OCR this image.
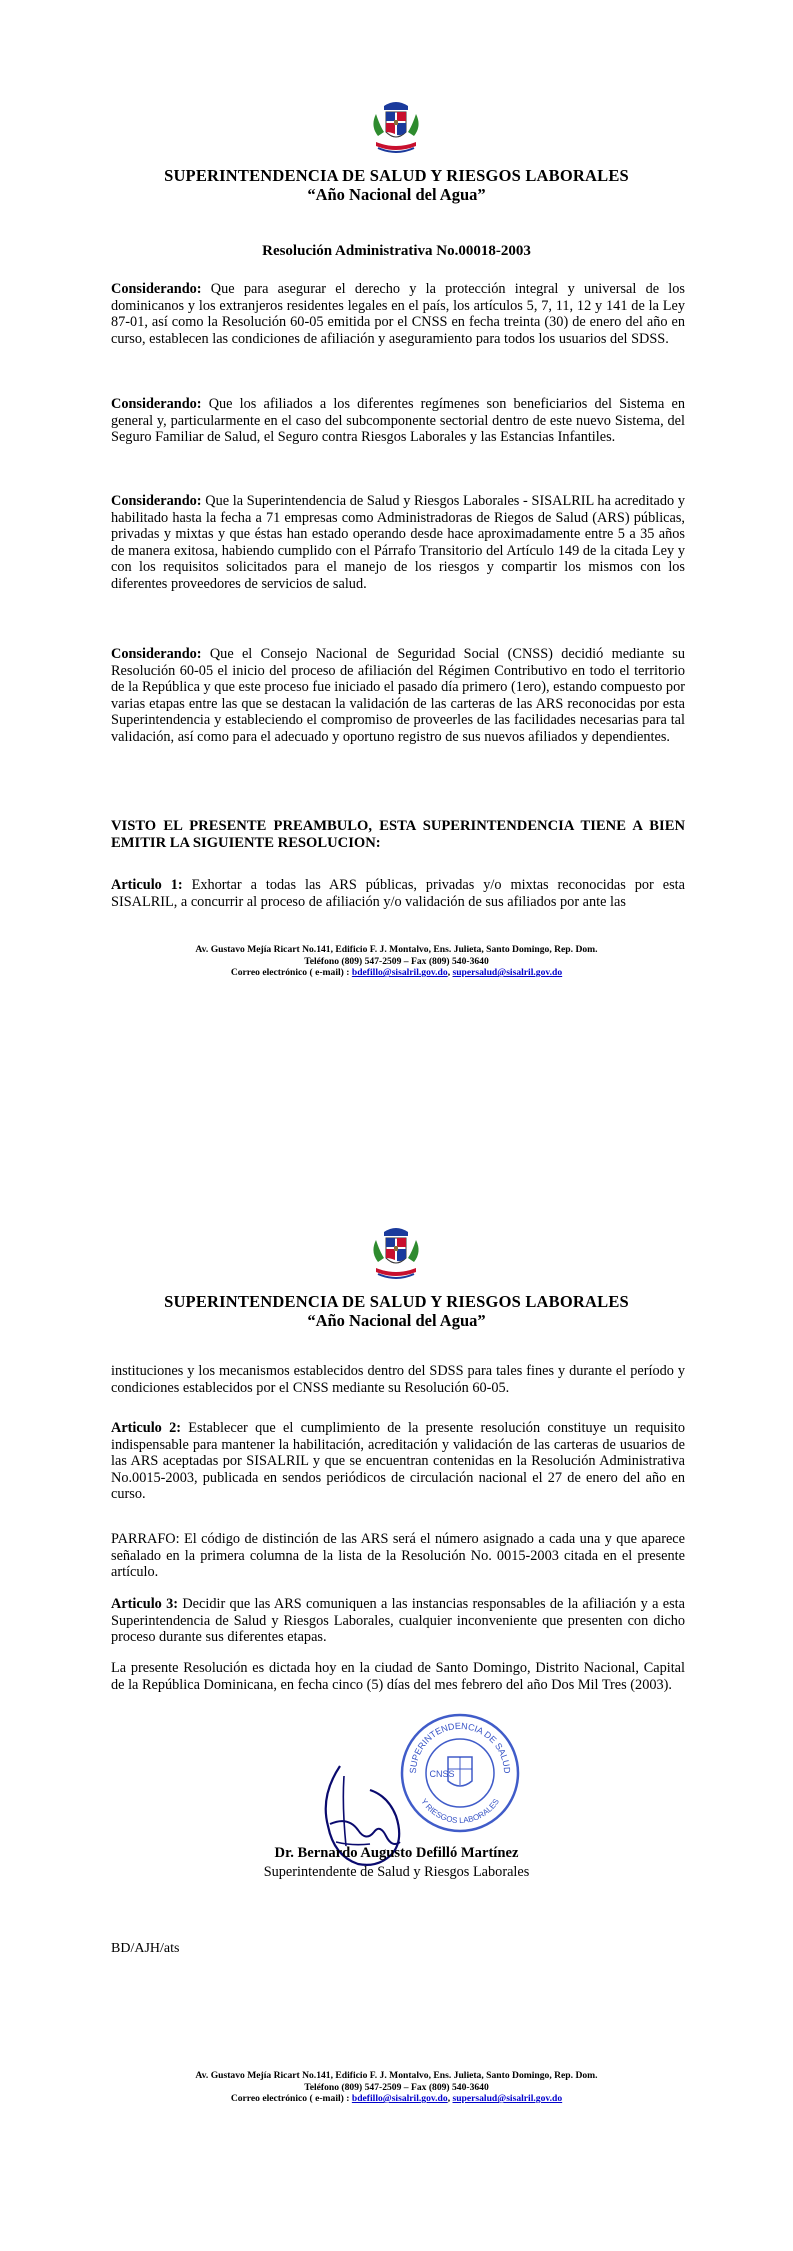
SUPERINTENDENCIA DE SALUD Y RIESGOS LABORALES
“Año Nacional del Agua”
Resolución Administrativa No.00018-2003
Considerando: Que para asegurar el derecho y la protección integral y universal de los dominicanos y los extranjeros residentes legales en el país, los artículos 5, 7, 11, 12 y 141 de la Ley 87-01, así como la Resolución 60-05 emitida por el CNSS en fecha treinta (30) de enero del año en curso, establecen las condiciones de afiliación y aseguramiento para todos los usuarios del SDSS.
Considerando: Que los afiliados a los diferentes regímenes son beneficiarios del Sistema en general y, particularmente en el caso del subcomponente sectorial dentro de este nuevo Sistema, del Seguro Familiar de Salud, el Seguro contra Riesgos Laborales y las Estancias Infantiles.
Considerando: Que la Superintendencia de Salud y Riesgos Laborales - SISALRIL ha acreditado y habilitado hasta la fecha a 71 empresas como Administradoras de Riegos de Salud (ARS) públicas, privadas y mixtas y que éstas han estado operando desde hace aproximadamente entre 5 a 35 años de manera exitosa, habiendo cumplido con el Párrafo Transitorio del Artículo 149 de la citada Ley y con los requisitos solicitados para el manejo de los riesgos y compartir los mismos con los diferentes proveedores de servicios de salud.
Considerando: Que el Consejo Nacional de Seguridad Social (CNSS) decidió mediante su Resolución 60-05 el inicio del proceso de afiliación del Régimen Contributivo en todo el territorio de la República y que este proceso fue iniciado el pasado día primero (1ero), estando compuesto por varias etapas entre las que se destacan la validación de las carteras de las ARS reconocidas por esta Superintendencia y estableciendo el compromiso de proveerles de las facilidades necesarias para tal validación, así como para el adecuado y oportuno registro de sus nuevos afiliados y dependientes.
VISTO EL PRESENTE PREAMBULO, ESTA SUPERINTENDENCIA TIENE A BIEN EMITIR LA SIGUIENTE RESOLUCION:
Articulo 1: Exhortar a todas las ARS públicas, privadas y/o mixtas reconocidas por esta SISALRIL, a concurrir al proceso de afiliación y/o validación de sus afiliados por ante las
Av. Gustavo Mejía Ricart No.141, Edificio F. J. Montalvo, Ens. Julieta, Santo Domingo, Rep. Dom.
Teléfono (809) 547-2509 – Fax (809) 540-3640
Correo electrónico ( e-mail) : bdefillo@sisalril.gov.do, supersalud@sisalril.gov.do
SUPERINTENDENCIA DE SALUD Y RIESGOS LABORALES
“Año Nacional del Agua”
instituciones y los mecanismos establecidos dentro del SDSS para tales fines y durante el período y condiciones establecidos por el CNSS mediante su Resolución 60-05.
Articulo 2: Establecer que el cumplimiento de la presente resolución constituye un requisito indispensable para mantener la habilitación, acreditación y validación de las carteras de usuarios de las ARS aceptadas por SISALRIL y que se encuentran contenidas en la Resolución Administrativa No.0015-2003, publicada en sendos periódicos de circulación nacional el 27 de enero del año en curso.
PARRAFO: El código de distinción de las ARS será el número asignado a cada una y que aparece señalado en la primera columna de la lista de la Resolución No. 0015-2003 citada en el presente artículo.
Articulo 3: Decidir que las ARS comuniquen a las instancias responsables de la afiliación y a esta Superintendencia de Salud y Riesgos Laborales, cualquier inconveniente que presenten con dicho proceso durante sus diferentes etapas.
La presente Resolución es dictada hoy en la ciudad de Santo Domingo, Distrito Nacional, Capital de la República Dominicana, en fecha cinco (5) días del mes febrero del año Dos Mil Tres (2003).
SUPERINTENDENCIA DE SALUD
Y RIESGOS LABORALES
CNSS
Dr. Bernardo Augusto Defilló Martínez
Superintendente de Salud y Riesgos Laborales
BD/AJH/ats
Av. Gustavo Mejía Ricart No.141, Edificio F. J. Montalvo, Ens. Julieta, Santo Domingo, Rep. Dom.
Teléfono (809) 547-2509 – Fax (809) 540-3640
Correo electrónico ( e-mail) : bdefillo@sisalril.gov.do, supersalud@sisalril.gov.do
